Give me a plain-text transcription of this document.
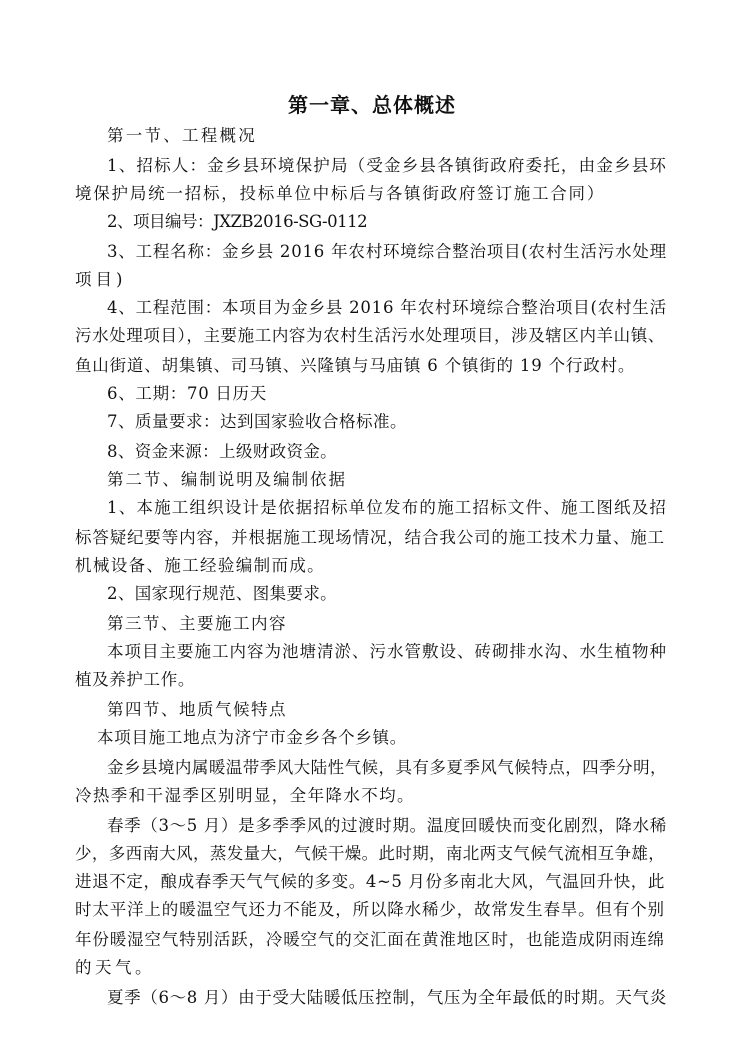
第一章、总体概述
第一节、工程概况
1、招标人：金乡县环境保护局（受金乡县各镇街政府委托，由金乡县环
境保护局统一招标，投标单位中标后与各镇街政府签订施工合同）
2、项目编号：JXZB2016-SG-0112
3、工程名称：金乡县 2016 年农村环境综合整治项目(农村生活污水处理
项目)
4、工程范围：本项目为金乡县 2016 年农村环境综合整治项目(农村生活
污水处理项目），主要施工内容为农村生活污水处理项目，涉及辖区内羊山镇、
鱼山街道、胡集镇、司马镇、兴隆镇与马庙镇 6 个镇街的 19 个行政村。
6、工期：70 日历天
7、质量要求：达到国家验收合格标准。
8、资金来源：上级财政资金。
第二节、编制说明及编制依据
1、本施工组织设计是依据招标单位发布的施工招标文件、施工图纸及招
标答疑纪要等内容，并根据施工现场情况，结合我公司的施工技术力量、施工
机械设备、施工经验编制而成。
2、国家现行规范、图集要求。
第三节、主要施工内容
本项目主要施工内容为池塘清淤、污水管敷设、砖砌排水沟、水生植物种
植及养护工作。
第四节、地质气候特点
本项目施工地点为济宁市金乡各个乡镇。
金乡县境内属暖温带季风大陆性气候，具有多夏季风气候特点，四季分明，
冷热季和干湿季区别明显，全年降水不均。
春季（3～5 月）是多季季风的过渡时期。温度回暖快而变化剧烈，降水稀
少，多西南大风，蒸发量大，气候干燥。此时期，南北两支气候气流相互争雄，
进退不定，酿成春季天气气候的多变。4~5 月份多南北大风，气温回升快，此
时太平洋上的暖温空气还力不能及，所以降水稀少，故常发生春旱。但有个别
年份暖湿空气特别活跃，冷暖空气的交汇面在黄淮地区时，也能造成阴雨连绵
的天气。
夏季（6～8 月）由于受大陆暖低压控制，气压为全年最低的时期。天气炎
